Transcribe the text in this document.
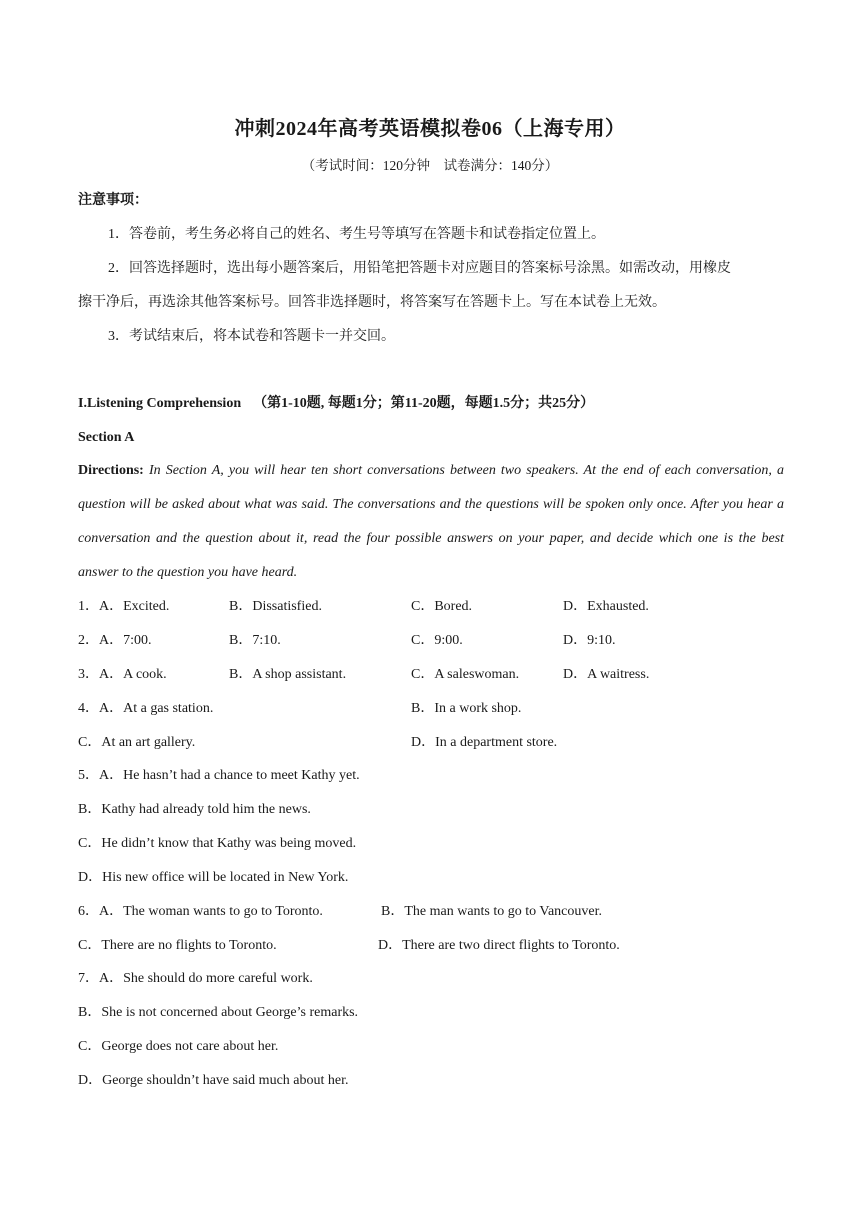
冲刺2024年高考英语模拟卷06（上海专用）
（考试时间：120分钟　试卷满分：140分）
注意事项：
1．答卷前，考生务必将自己的姓名、考生号等填写在答题卡和试卷指定位置上。
2．回答选择题时，选出每小题答案后，用铅笔把答题卡对应题目的答案标号涂黑。如需改动，用橡皮
擦干净后，再选涂其他答案标号。回答非选择题时，将答案写在答题卡上。写在本试卷上无效。
3．考试结束后，将本试卷和答题卡一并交回。
I.Listening Comprehension （第1-10题, 每题1分；第11-20题，每题1.5分；共25分）
Section A
Directions: In Section A, you will hear ten short conversations between two speakers. At the end of each conversation, a question will be asked about what was said. The conversations and the questions will be spoken only once. After you hear a conversation and the question about it, read the four possible answers on your paper, and decide which one is the best answer to the question you have heard.
1．A．Excited.	B．Dissatisfied.	C．Bored.	D．Exhausted.
2．A．7:00.	B．7:10.	C．9:00.	D．9:10.
3．A．A cook.	B．A shop assistant.	C．A saleswoman.	D．A waitress.
4．A．At a gas station.	B．In a work shop.
C．At an art gallery.	D．In a department store.
5．A．He hasn’t had a chance to meet Kathy yet.
B．Kathy had already told him the news.
C．He didn’t know that Kathy was being moved.
D．His new office will be located in New York.
6．A．The woman wants to go to Toronto.	B．The man wants to go to Vancouver.
C．There are no flights to Toronto.	D．There are two direct flights to Toronto.
7．A．She should do more careful work.
B．She is not concerned about George’s remarks.
C．George does not care about her.
D．George shouldn’t have said much about her.
